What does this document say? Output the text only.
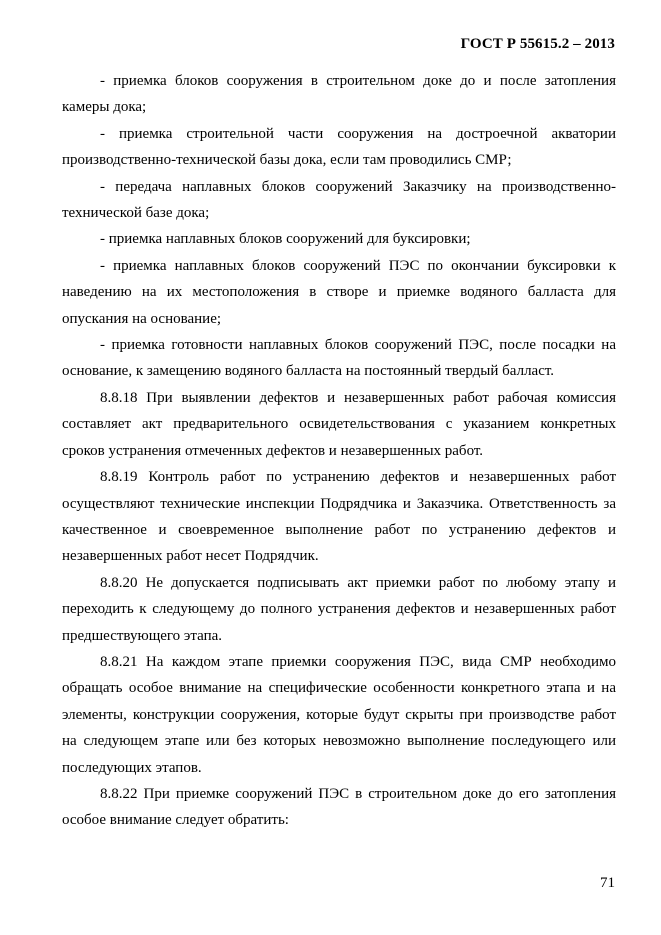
ГОСТ Р 55615.2 – 2013

- приемка блоков сооружения в строительном доке до и после затопления камеры дока;

- приемка строительной части сооружения на достроечной акватории производственно-технической базы дока, если там проводились СМР;

- передача наплавных блоков сооружений Заказчику на производственно-технической базе дока;

- приемка наплавных блоков сооружений для буксировки;

- приемка наплавных блоков сооружений ПЭС по окончании буксировки к наведению на их местоположения в створе и приемке водяного балласта для опускания на основание;

- приемка готовности наплавных блоков сооружений ПЭС, после посадки на основание, к замещению водяного балласта на постоянный твердый балласт.

8.8.18 При выявлении дефектов и незавершенных работ рабочая комиссия составляет акт предварительного освидетельствования с указанием конкретных сроков устранения отмеченных дефектов и незавершенных работ.

8.8.19 Контроль работ по устранению дефектов и незавершенных работ осуществляют технические инспекции Подрядчика и Заказчика. Ответственность за качественное и своевременное выполнение работ по устранению дефектов и незавершенных работ несет Подрядчик.

8.8.20 Не допускается подписывать акт приемки работ по любому этапу и переходить к следующему до полного устранения дефектов и незавершенных работ предшествующего этапа.

8.8.21 На каждом этапе приемки сооружения ПЭС, вида СМР необходимо обращать особое внимание на специфические особенности конкретного этапа и на элементы, конструкции сооружения, которые будут скрыты при производстве работ на следующем этапе или без которых невозможно выполнение последующего или последующих этапов.

8.8.22 При приемке сооружений ПЭС в строительном доке до его затопления особое внимание следует обратить:

71
